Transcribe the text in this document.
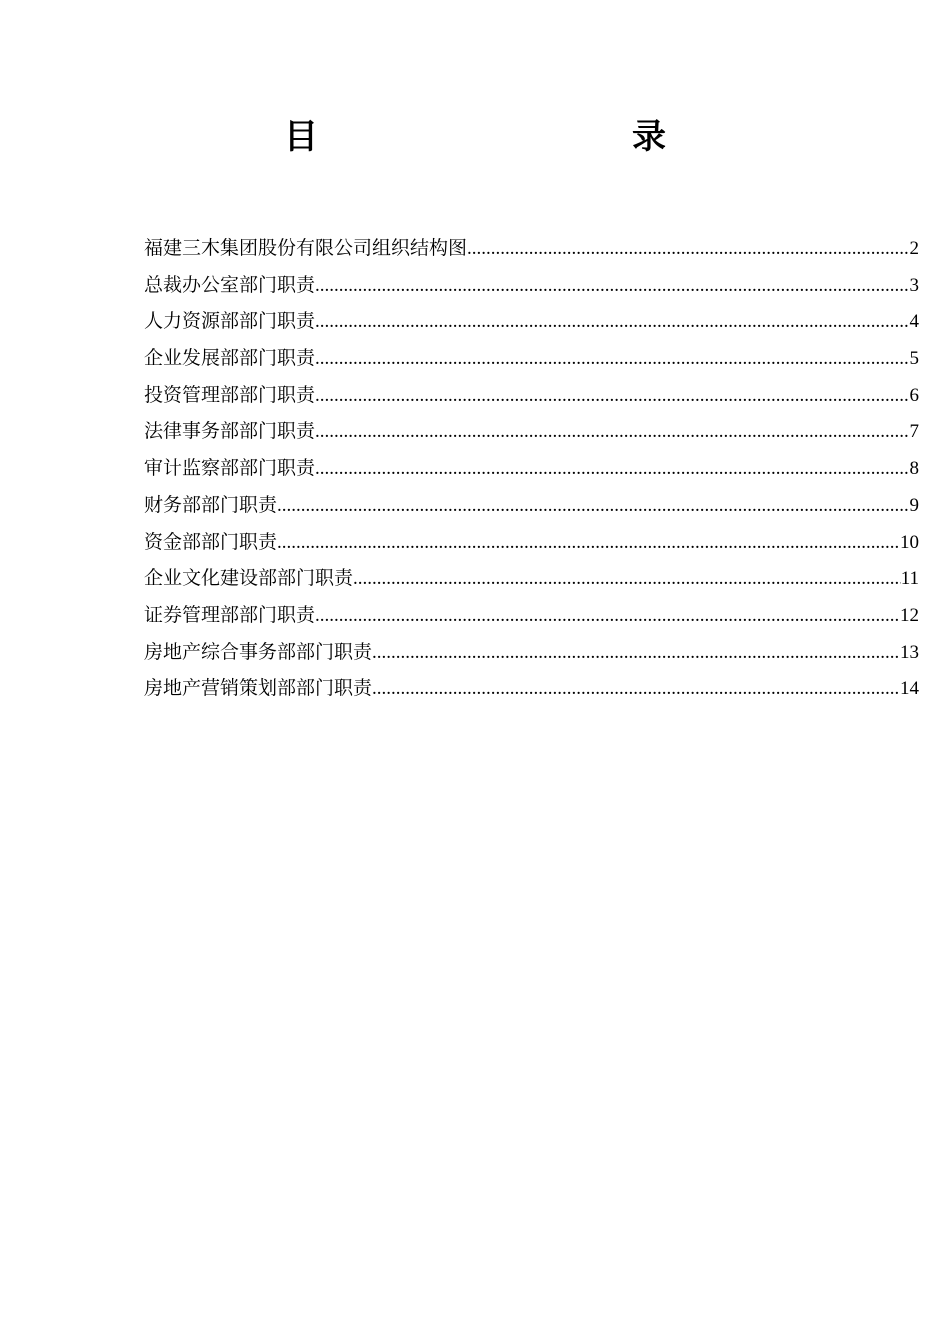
目	录
福建三木集团股份有限公司组织结构图 .....	2
总裁办公室部门职责 .....	3
人力资源部部门职责 .....	4
企业发展部部门职责 .....	5
投资管理部部门职责 .....	6
法律事务部部门职责 .....	7
审计监察部部门职责 .....	8
财务部部门职责 .....	9
资金部部门职责 .....	10
企业文化建设部部门职责 .....	11
证券管理部部门职责 .....	12
房地产综合事务部部门职责 .....	13
房地产营销策划部部门职责 .....	14
